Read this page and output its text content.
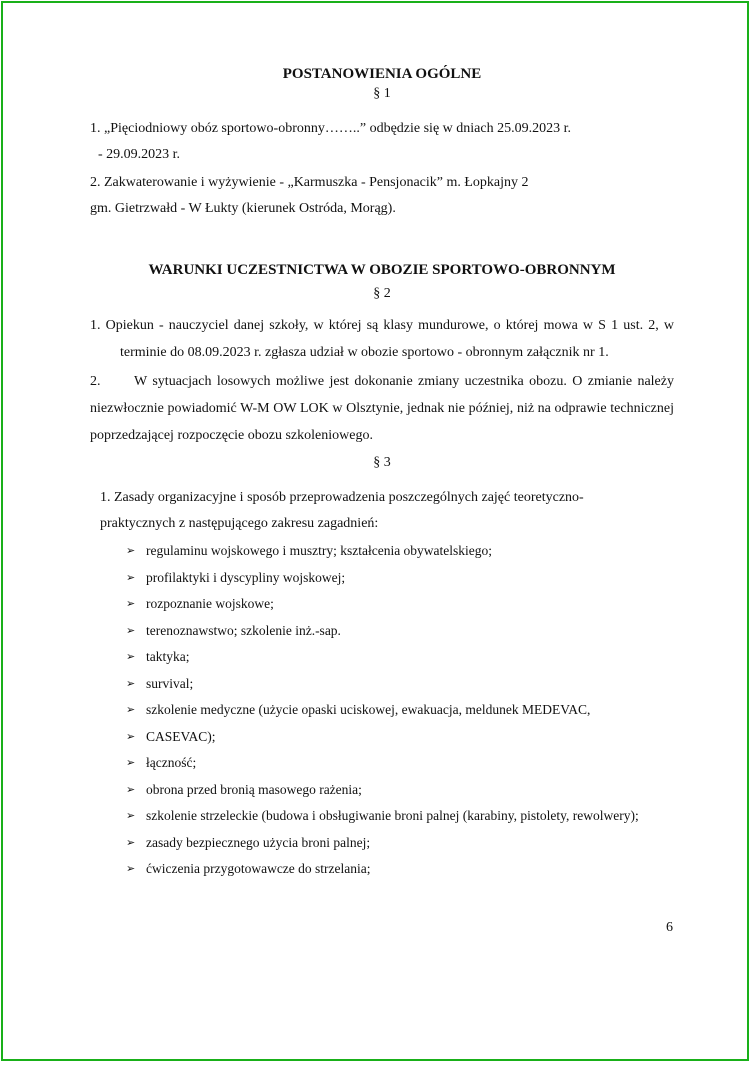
POSTANOWIENIA OGÓLNE

§ 1

1. „Pięciodniowy obóz sportowo-obronny……..” odbędzie się w dniach 25.09.2023 r.
- 29.09.2023 r.
2. Zakwaterowanie i wyżywienie - „Karmuszka - Pensjonacik” m. Łopkajny 2
gm. Gietrzwałd - W Łukty (kierunek Ostróda, Morąg).
WARUNKI UCZESTNICTWA W OBOZIE SPORTOWO-OBRONNYM

§ 2

1. Opiekun - nauczyciel danej szkoły, w której są klasy mundurowe, o której mowa w S 1 ust. 2, w terminie do 08.09.2023 r. zgłasza udział w obozie sportowo - obronnym załącznik nr 1.

2. W sytuacjach losowych możliwe jest dokonanie zmiany uczestnika obozu. O zmianie należy niezwłocznie powiadomić W-M OW LOK w Olsztynie, jednak nie później, niż na odprawie technicznej poprzedzającej rozpoczęcie obozu szkoleniowego.

§ 3

1. Zasady organizacyjne i sposób przeprowadzenia poszczególnych zajęć teoretyczno-
praktycznych z następującego zakresu zagadnień:
➢ regulaminu wojskowego i musztry; kształcenia obywatelskiego;
➢ profilaktyki i dyscypliny wojskowej;
➢ rozpoznanie wojskowe;
➢ terenoznawstwo; szkolenie inż.-sap.
➢ taktyka;
➢ survival;
➢ szkolenie medyczne (użycie opaski uciskowej, ewakuacja, meldunek MEDEVAC,
➢ CASEVAC);
➢ łączność;
➢ obrona przed bronią masowego rażenia;
➢ szkolenie strzeleckie (budowa i obsługiwanie broni palnej (karabiny, pistolety, rewolwery);
➢ zasady bezpiecznego użycia broni palnej;
➢ ćwiczenia przygotowawcze do strzelania;
6
